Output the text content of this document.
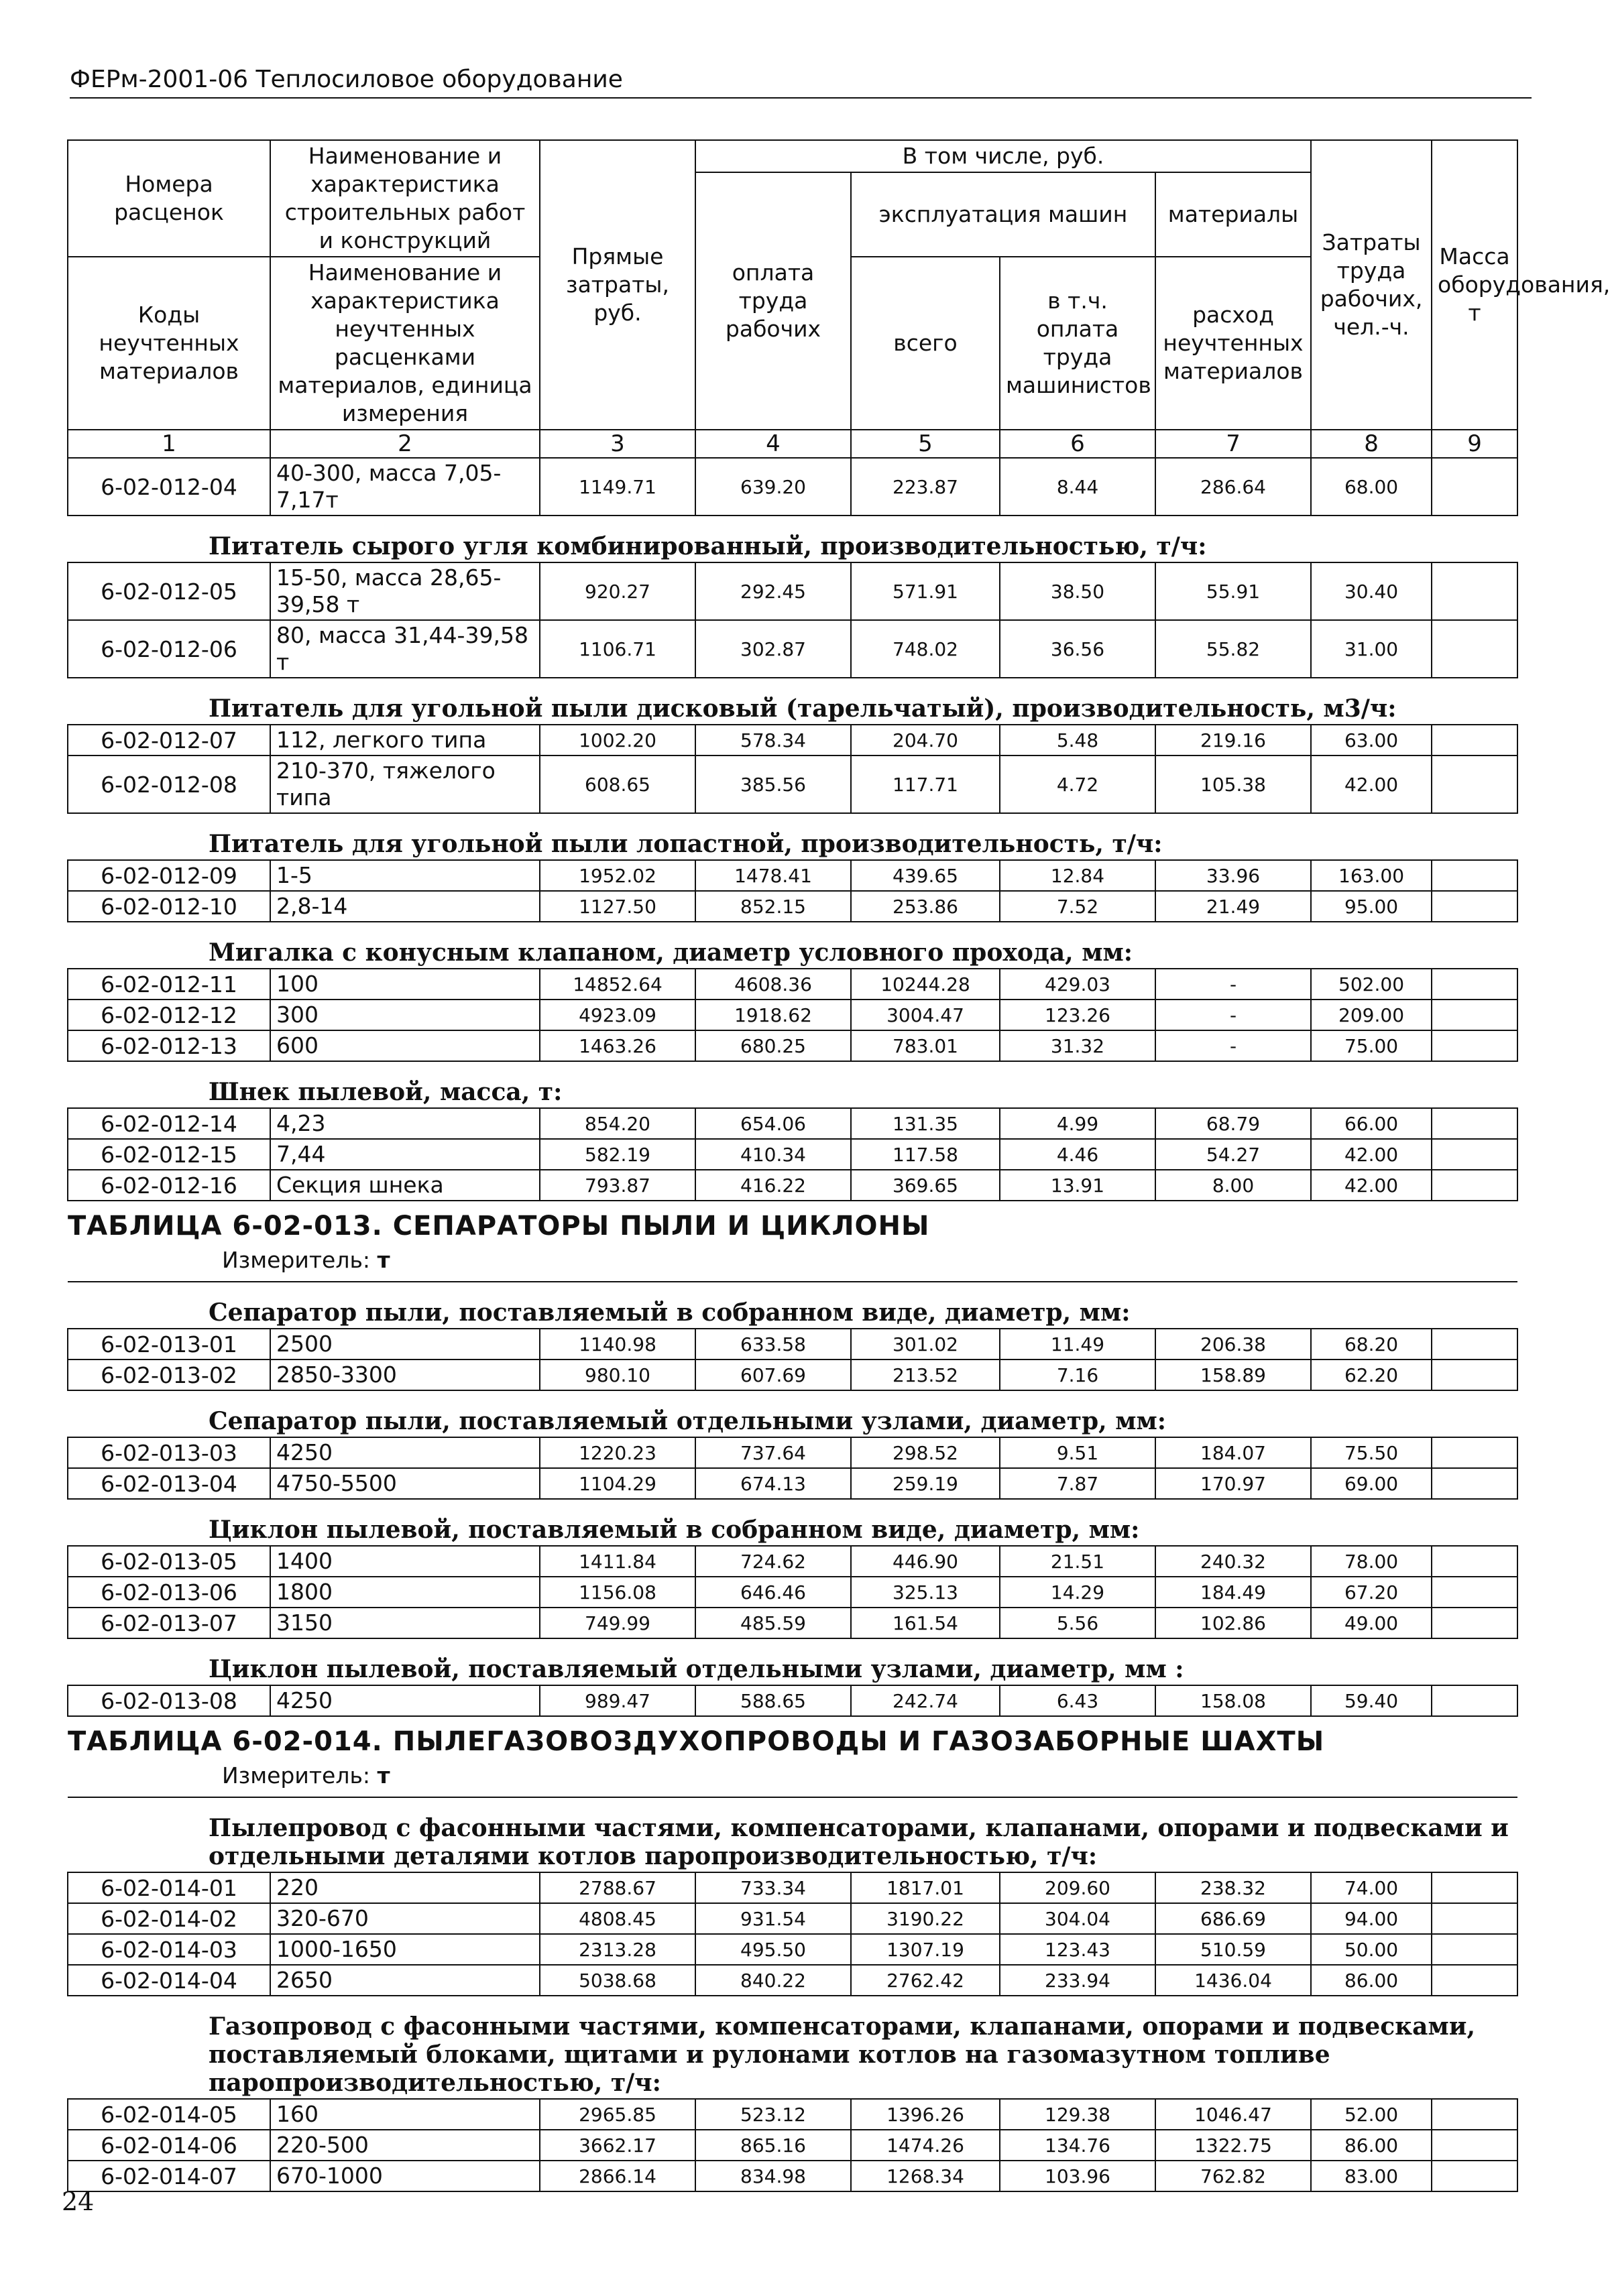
ФЕРм-2001-06 Теплосиловое оборудование
Номера расценок	Наименование и характеристика строительных работ и конструкций	Прямые затраты, руб.	В том числе, руб.				Затраты труда рабочих, чел.-ч.	Масса оборудования, т
			оплата труда рабочих	эксплуатация машин		материалы		
Коды неучтенных материалов	Наименование и характеристика неучтенных расценками материалов, единица измерения			всего	в т.ч. оплата труда машинистов	расход неучтенных материалов		

1	2	3	4	5	6	7	8	9
6-02-012-04	40-300, масса 7,05-7,17т	1149.71	639.20	223.87	8.44	286.64	68.00	
Питатель сырого угля комбинированный, производительностью, т/ч:								
6-02-012-05	15-50, масса 28,65-39,58 т	920.27	292.45	571.91	38.50	55.91	30.40	
6-02-012-06	80, масса 31,44-39,58 т	1106.71	302.87	748.02	36.56	55.82	31.00	
Питатель для угольной пыли дисковый (тарельчатый), производительность, м3/ч:								
6-02-012-07	112, легкого типа	1002.20	578.34	204.70	5.48	219.16	63.00	
6-02-012-08	210-370, тяжелого типа	608.65	385.56	117.71	4.72	105.38	42.00	
Питатель для угольной пыли лопастной, производительность, т/ч:								
6-02-012-09	1-5	1952.02	1478.41	439.65	12.84	33.96	163.00	
6-02-012-10	2,8-14	1127.50	852.15	253.86	7.52	21.49	95.00	
Мигалка с конусным клапаном, диаметр условного прохода, мм:								
6-02-012-11	100	14852.64	4608.36	10244.28	429.03	-	502.00	
6-02-012-12	300	4923.09	1918.62	3004.47	123.26	-	209.00	
6-02-012-13	600	1463.26	680.25	783.01	31.32	-	75.00	
Шнек пылевой, масса, т:								
6-02-012-14	4,23	854.20	654.06	131.35	4.99	68.79	66.00	
6-02-012-15	7,44	582.19	410.34	117.58	4.46	54.27	42.00	
6-02-012-16	Секция шнека	793.87	416.22	369.65	13.91	8.00	42.00	
ТАБЛИЦА 6-02-013. СЕПАРАТОРЫ ПЫЛИ И ЦИКЛОНЫ								
Измеритель: т								
Сепаратор пыли, поставляемый в собранном виде, диаметр, мм:								
6-02-013-01	2500	1140.98	633.58	301.02	11.49	206.38	68.20	
6-02-013-02	2850-3300	980.10	607.69	213.52	7.16	158.89	62.20	
Сепаратор пыли, поставляемый отдельными узлами, диаметр, мм:								
6-02-013-03	4250	1220.23	737.64	298.52	9.51	184.07	75.50	
6-02-013-04	4750-5500	1104.29	674.13	259.19	7.87	170.97	69.00	
Циклон пылевой, поставляемый в собранном виде, диаметр, мм:								
6-02-013-05	1400	1411.84	724.62	446.90	21.51	240.32	78.00	
6-02-013-06	1800	1156.08	646.46	325.13	14.29	184.49	67.20	
6-02-013-07	3150	749.99	485.59	161.54	5.56	102.86	49.00	
Циклон пылевой, поставляемый отдельными узлами, диаметр, мм :								
6-02-013-08	4250	989.47	588.65	242.74	6.43	158.08	59.40	
ТАБЛИЦА 6-02-014. ПЫЛЕГАЗОВОЗДУХОПРОВОДЫ И ГАЗОЗАБОРНЫЕ ШАХТЫ								
Измеритель: т								
Пылепровод с фасонными частями, компенсаторами, клапанами, опорами и подвесками и отдельными деталями котлов паропроизводительностью, т/ч:								
6-02-014-01	220	2788.67	733.34	1817.01	209.60	238.32	74.00	
6-02-014-02	320-670	4808.45	931.54	3190.22	304.04	686.69	94.00	
6-02-014-03	1000-1650	2313.28	495.50	1307.19	123.43	510.59	50.00	
6-02-014-04	2650	5038.68	840.22	2762.42	233.94	1436.04	86.00	
Газопровод с фасонными частями, компенсаторами, клапанами, опорами и подвесками, поставляемый блоками, щитами и рулонами котлов на газомазутном топливе паропроизводительностью, т/ч:								
6-02-014-05	160	2965.85	523.12	1396.26	129.38	1046.47	52.00	
6-02-014-06	220-500	3662.17	865.16	1474.26	134.76	1322.75	86.00	
6-02-014-07	670-1000	2866.14	834.98	1268.34	103.96	762.82	83.00	
24
